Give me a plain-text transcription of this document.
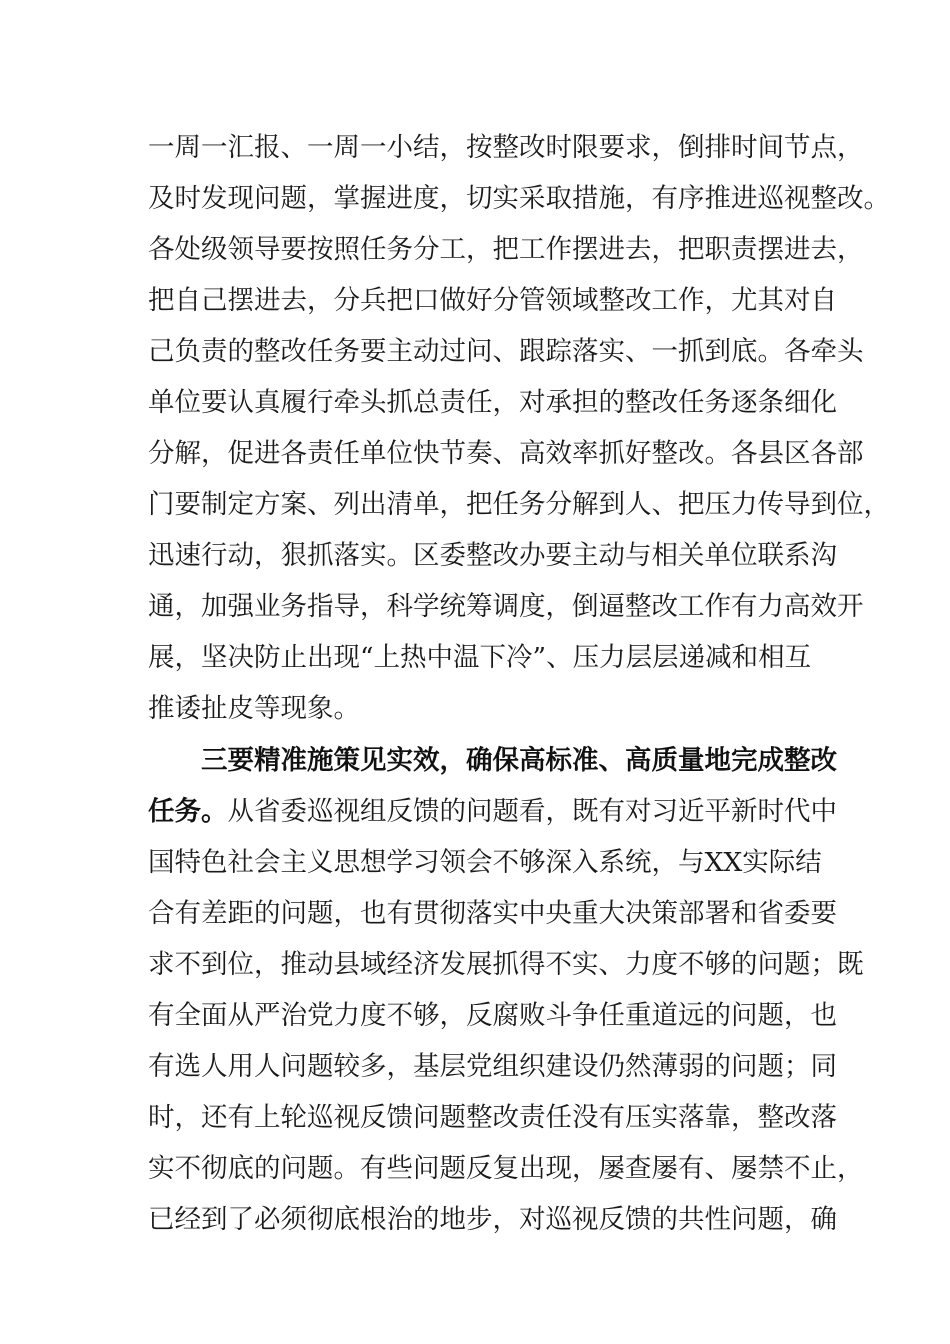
一周一汇报、一周一小结，按整改时限要求，倒排时间节点，
及时发现问题，掌握进度，切实采取措施，有序推进巡视整改。
各处级领导要按照任务分工，把工作摆进去，把职责摆进去，
把自己摆进去，分兵把口做好分管领域整改工作，尤其对自
己负责的整改任务要主动过问、跟踪落实、一抓到底。各牵头
单位要认真履行牵头抓总责任，对承担的整改任务逐条细化
分解，促进各责任单位快节奏、高效率抓好整改。各县区各部
门要制定方案、列出清单，把任务分解到人、把压力传导到位，
迅速行动，狠抓落实。区委整改办要主动与相关单位联系沟
通，加强业务指导，科学统筹调度，倒逼整改工作有力高效开
展，坚决防止出现“上热中温下冷”、压力层层递减和相互
推诿扯皮等现象。
三要精准施策见实效，确保高标准、高质量地完成整改
任务。从省委巡视组反馈的问题看，既有对习近平新时代中
国特色社会主义思想学习领会不够深入系统，与XX实际结
合有差距的问题，也有贯彻落实中央重大决策部署和省委要
求不到位，推动县域经济发展抓得不实、力度不够的问题；既
有全面从严治党力度不够，反腐败斗争任重道远的问题，也
有选人用人问题较多，基层党组织建设仍然薄弱的问题；同
时，还有上轮巡视反馈问题整改责任没有压实落靠，整改落
实不彻底的问题。有些问题反复出现，屡查屡有、屡禁不止，
已经到了必须彻底根治的地步，对巡视反馈的共性问题，确
